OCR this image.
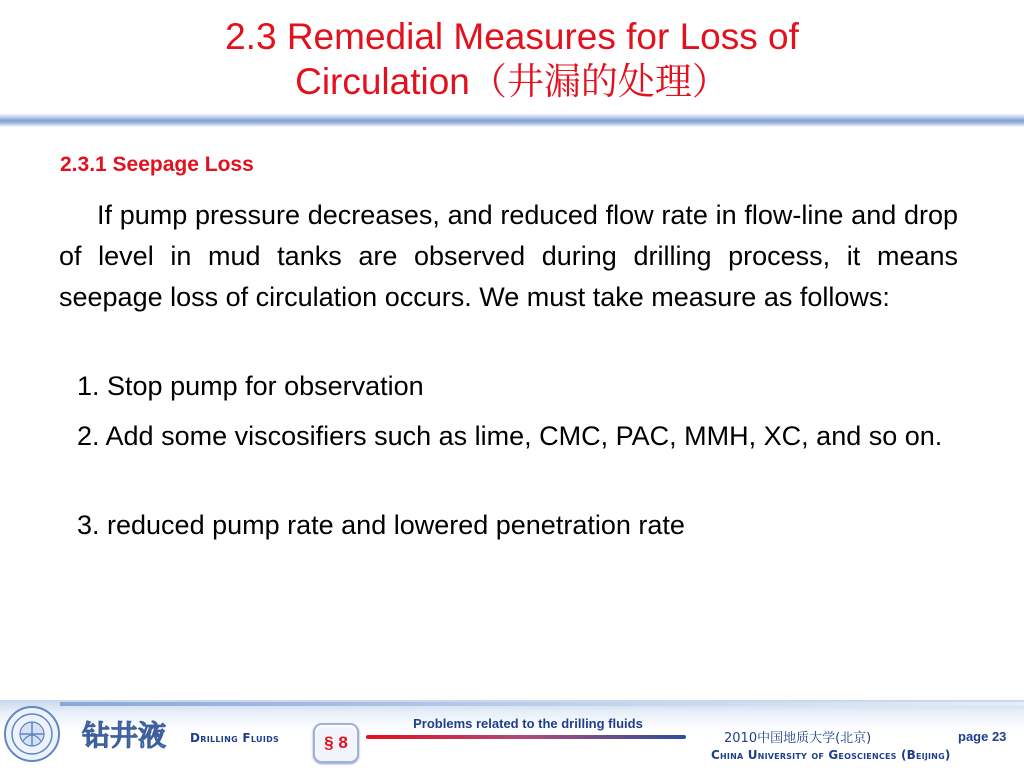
2.3 Remedial Measures for Loss of
Circulation（井漏的处理）
2.3.1 Seepage Loss
If pump pressure decreases, and reduced flow rate in flow-line and drop of level in mud tanks are observed during drilling process, it means seepage loss of circulation occurs. We must take measure as follows:
1. Stop pump for observation
2. Add some viscosifiers such as lime, CMC, PAC, MMH, XC, and so on.
3. reduced pump rate and lowered penetration rate
钻井液 Drilling Fluids	§ 8
Problems related to the drilling fluids
2010中国地质大学(北京)	page 23
China University of Geosciences (Beijing)
